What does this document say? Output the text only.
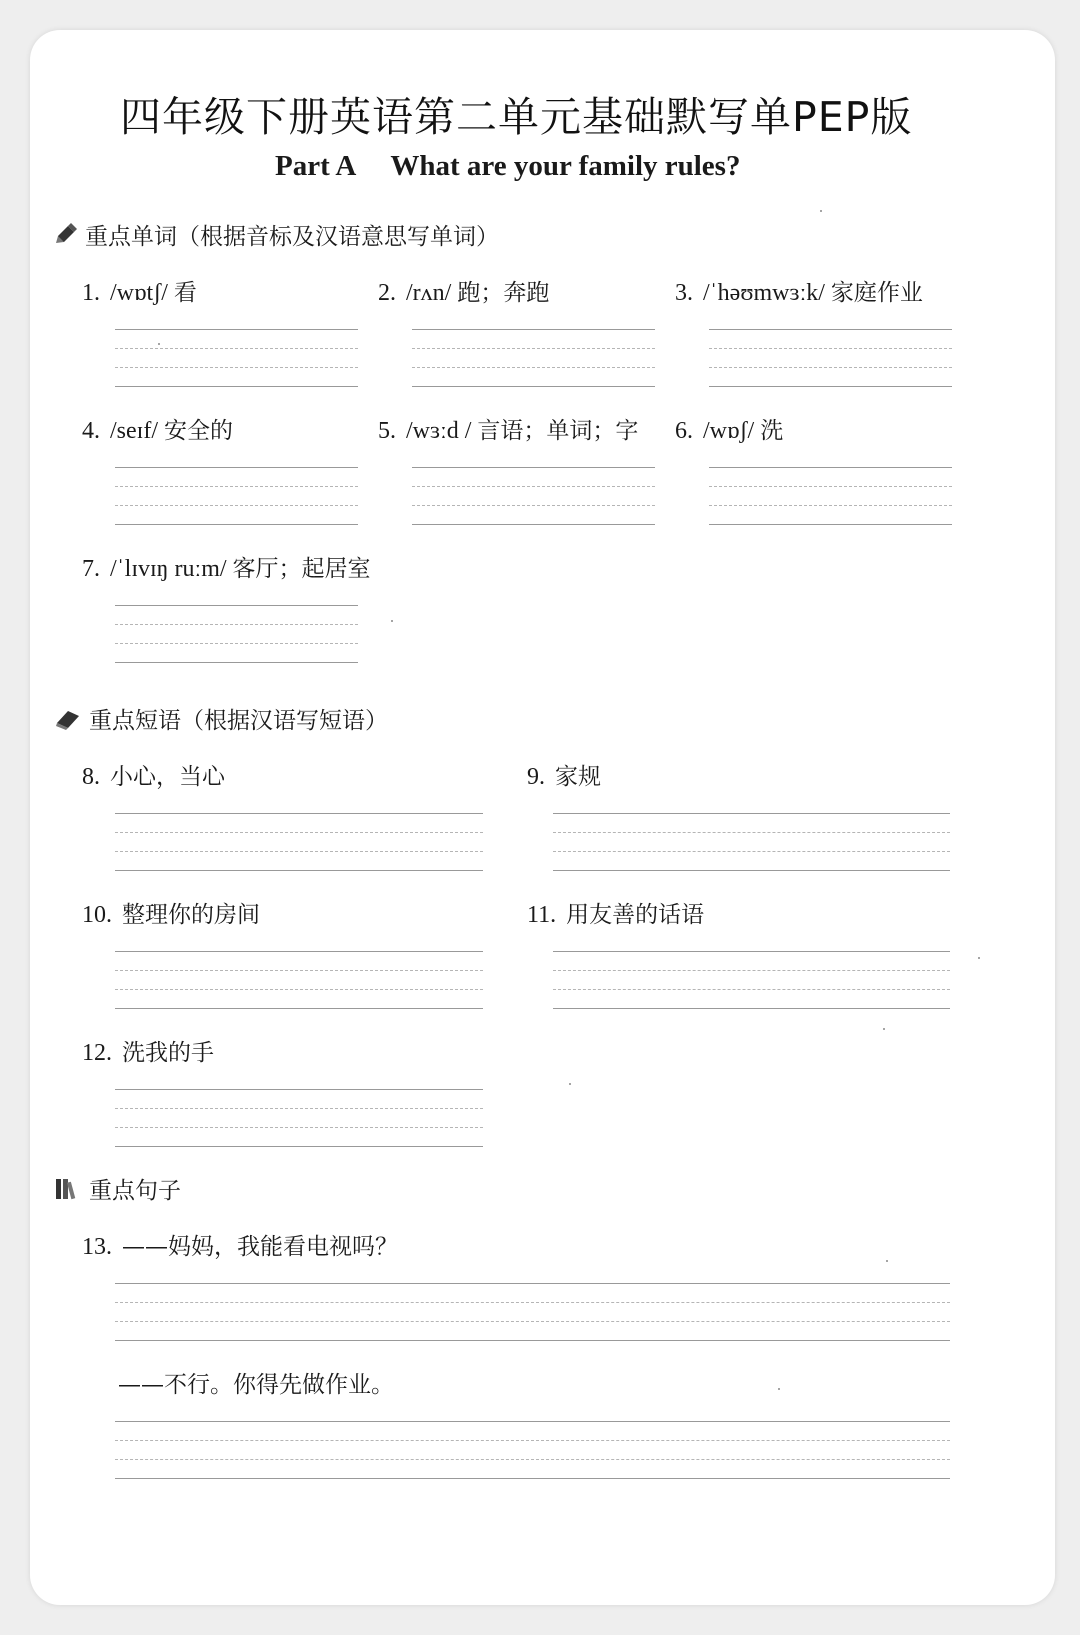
四年级下册英语第二单元基础默写单PEP版
Part A What are your family rules?
重点单词（根据音标及汉语意思写单词）
1. /wɒtʃ/ 看	2. /rʌn/ 跑；奔跑	3. /ˈhəʊmwɜːk/ 家庭作业
4. /seɪf/ 安全的	5. /wɜːd / 言语；单词；字 6. /wɒʃ/ 洗
7. /ˈlɪvɪŋ ruːm/ 客厅；起居室
重点短语（根据汉语写短语）
8. 小心，当心	9. 家规
10. 整理你的房间	11. 用友善的话语
12. 洗我的手
重点句子
13. ——妈妈，我能看电视吗？
——不行。你得先做作业。
